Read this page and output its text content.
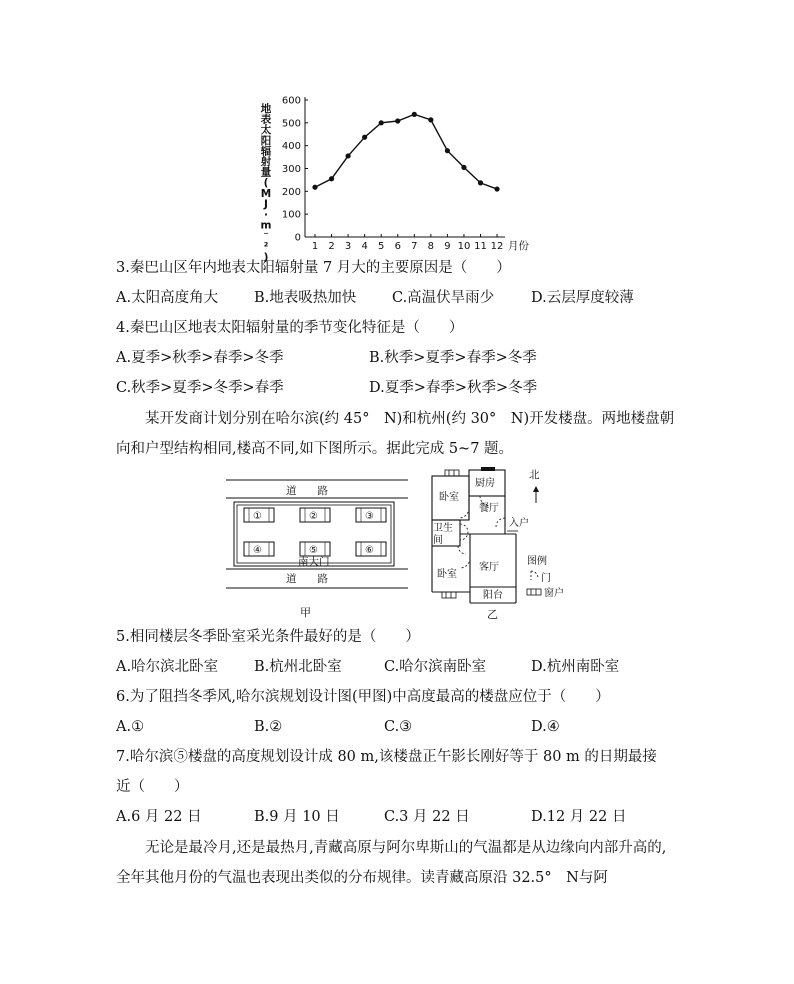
地表太阳辐射量( M J · m ⁻ ² )
0
100
200
300
400
500
600
1 2 3 4 5 6 7 8 9 10 11 12 月份
3.秦巴山区年内地表太阳辐射量 7 月大的主要原因是（　　）
A.太阳高度角大 B.地表吸热加快 C.高温伏旱雨少	D.云层厚度较薄
4.秦巴山区地表太阳辐射量的季节变化特征是（　　）
A.夏季>秋季>春季>冬季	B.秋季>夏季>春季>冬季
C.秋季>夏季>冬季>春季	D.夏季>春季>秋季>冬季
某开发商计划分别在哈尔滨(约 45°　N)和杭州(约 30°　N)开发楼盘。两地楼盘朝向和户型结构相同,楼高不同,如下图所示。据此完成 5~7 题。
道　　路
①	②	③
④	⑤	⑥
南大门
道　　路
甲
厨房
卧室
餐厅
入户
卫生
间
卧室
客厅
阳台
北
图例
门
窗户
乙
5.相同楼层冬季卧室采光条件最好的是（　　）
A.哈尔滨北卧室 B.杭州北卧室	C.哈尔滨南卧室	D.杭州南卧室
6.为了阻挡冬季风,哈尔滨规划设计图(甲图)中高度最高的楼盘应位于（　　）
A.①	B.②	C.③	D.④
7.哈尔滨⑤楼盘的高度规划设计成 80 m,该楼盘正午影长刚好等于 80 m 的日期最接
近（　　）
A.6 月 22 日	B.9 月 10 日	C.3 月 22 日	D.12 月 22 日
无论是最冷月,还是最热月,青藏高原与阿尔卑斯山的气温都是从边缘向内部升高的,全年其他月份的气温也表现出类似的分布规律。读青藏高原沿 32.5°　N与阿
